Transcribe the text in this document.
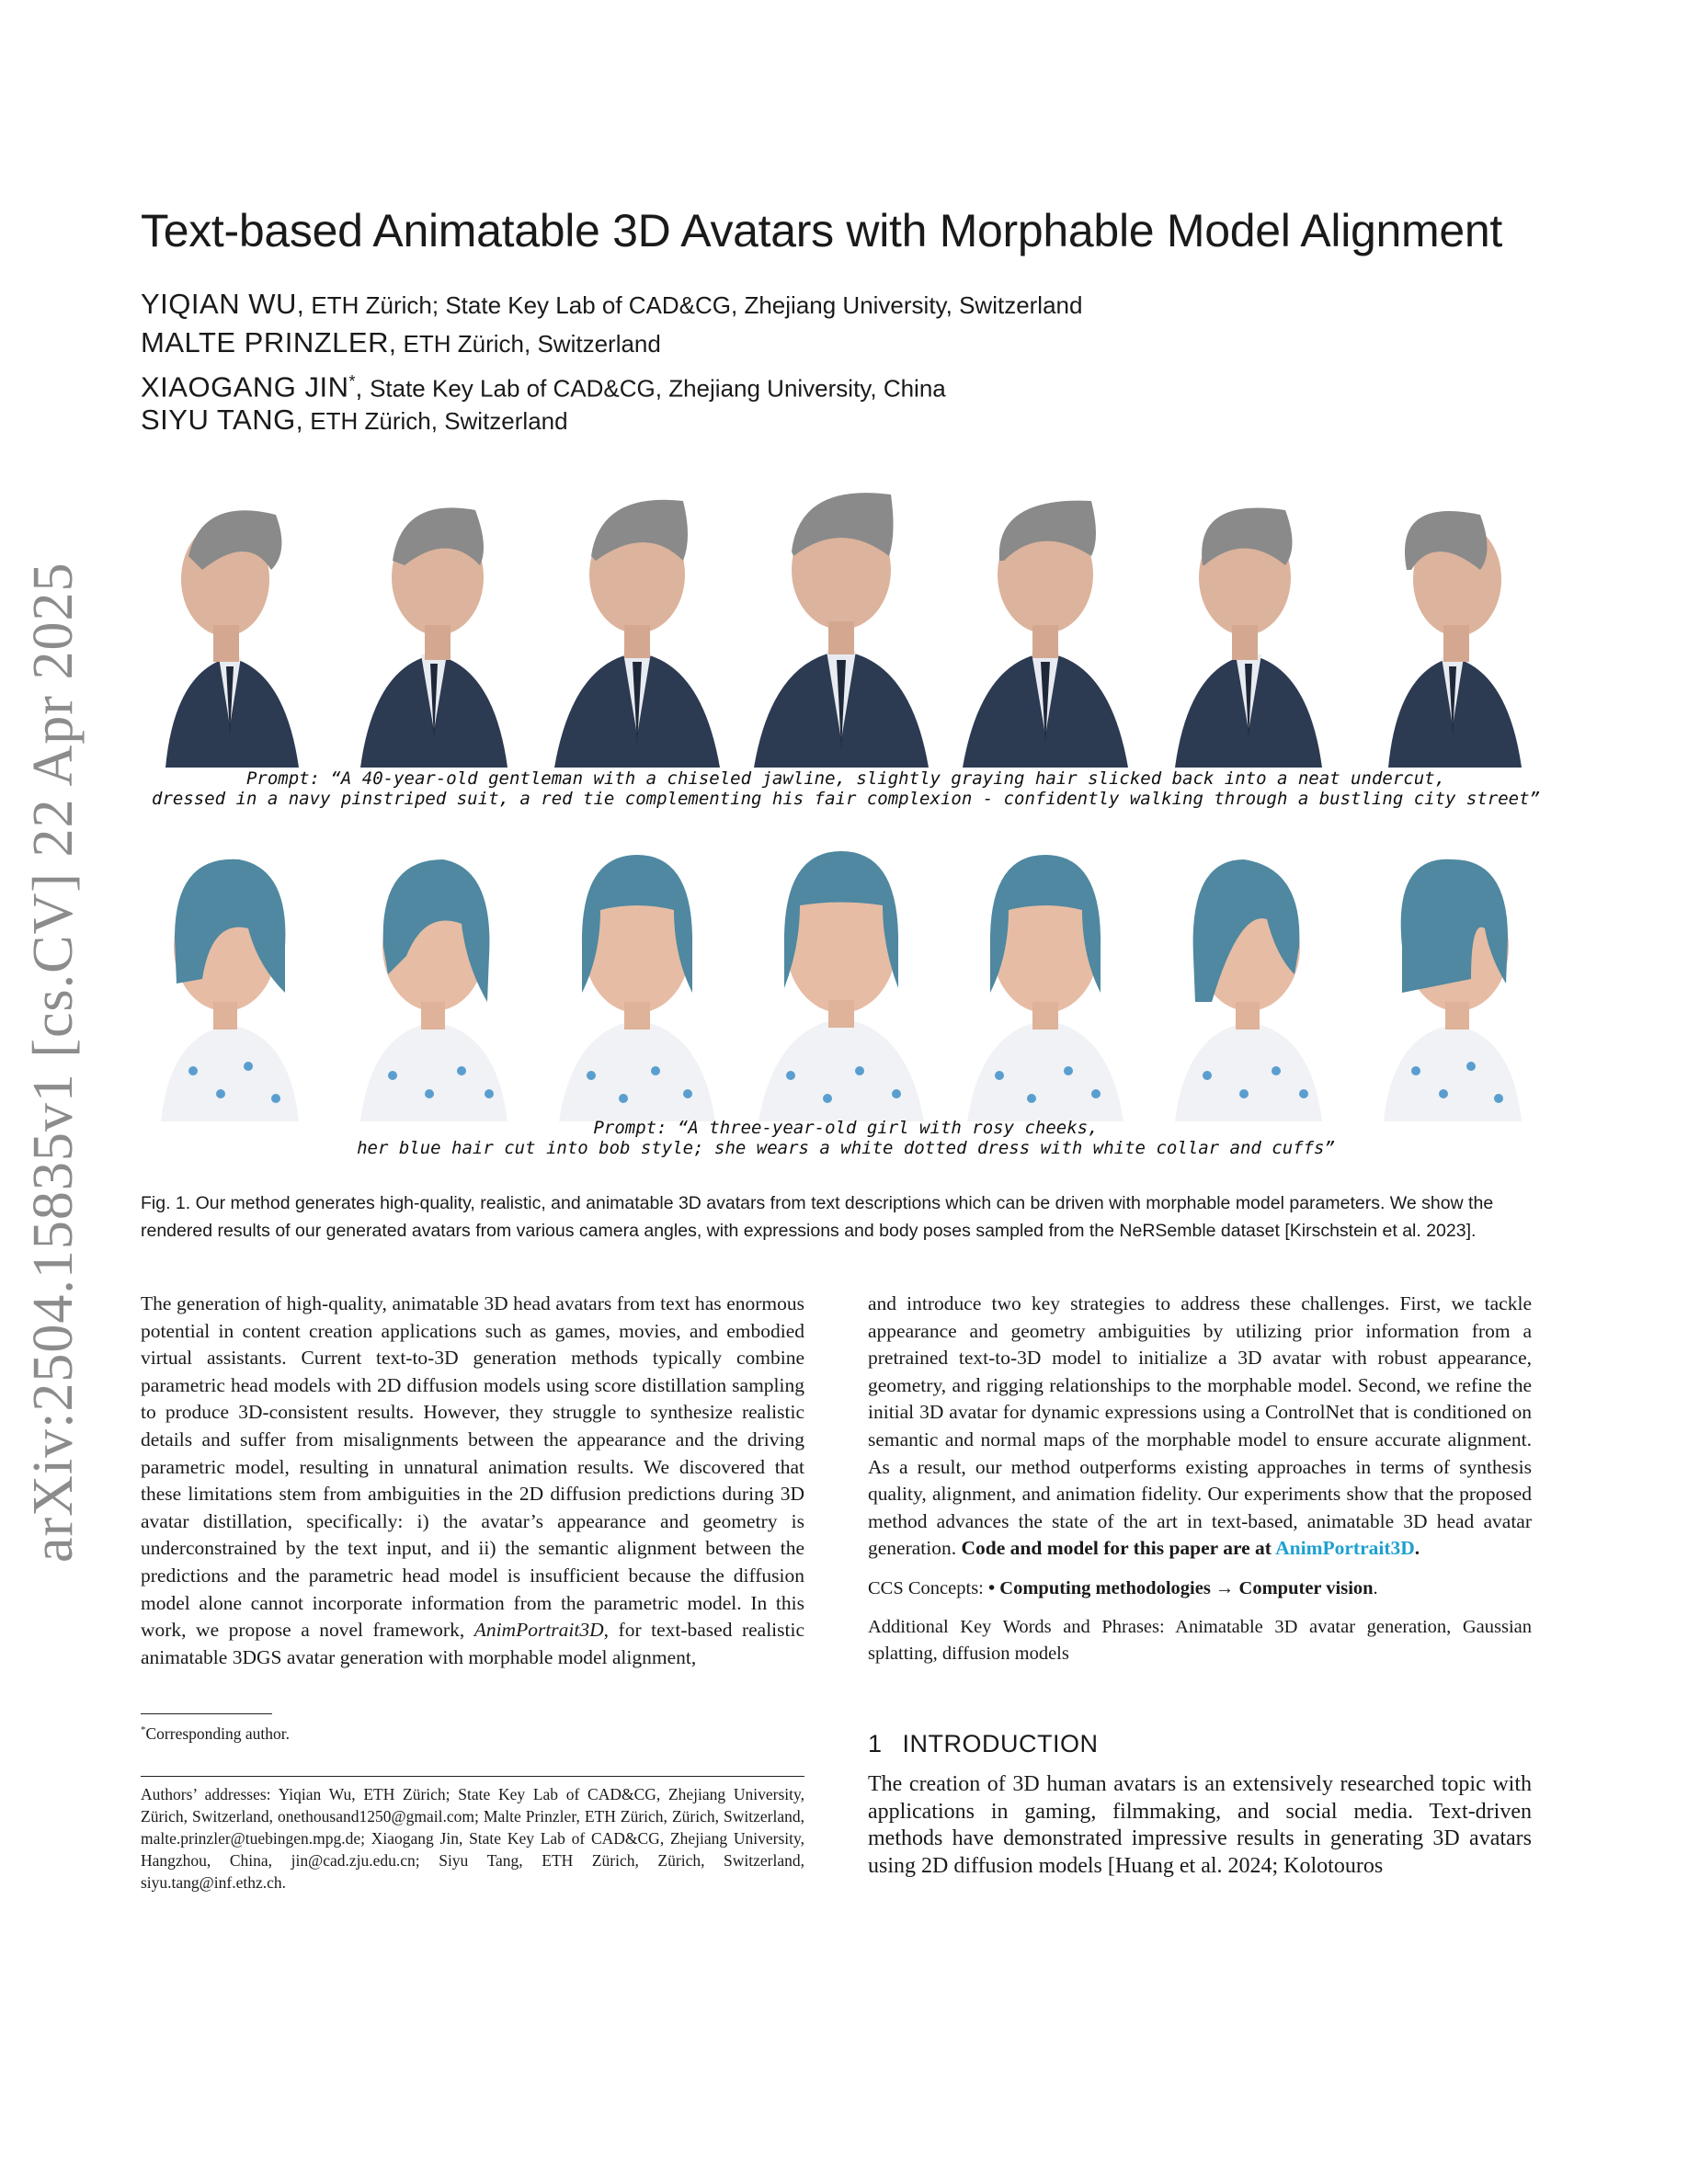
arXiv:2504.15835v1 [cs.CV] 22 Apr 2025
Text-based Animatable 3D Avatars with Morphable Model Alignment
YIQIAN WU, ETH Zürich; State Key Lab of CAD&CG, Zhejiang University, Switzerland
MALTE PRINZLER, ETH Zürich, Switzerland
XIAOGANG JIN*, State Key Lab of CAD&CG, Zhejiang University, China
SIYU TANG, ETH Zürich, Switzerland
Prompt: “A 40-year-old gentleman with a chiseled jawline, slightly graying hair slicked back into a neat undercut,
dressed in a navy pinstriped suit, a red tie complementing his fair complexion - confidently walking through a bustling city street”
Prompt: “A three-year-old girl with rosy cheeks,
her blue hair cut into bob style; she wears a white dotted dress with white collar and cuffs”
Fig. 1. Our method generates high-quality, realistic, and animatable 3D avatars from text descriptions which can be driven with morphable model parameters. We show the rendered results of our generated avatars from various camera angles, with expressions and body poses sampled from the NeRSemble dataset [Kirschstein et al. 2023].

The generation of high-quality, animatable 3D head avatars from text has enormous potential in content creation applications such as games, movies, and embodied virtual assistants. Current text-to-3D generation methods typically combine parametric head models with 2D diffusion models using score distillation sampling to produce 3D-consistent results. However, they struggle to synthesize realistic details and suffer from misalignments between the appearance and the driving parametric model, resulting in unnatural animation results. We discovered that these limitations stem from ambiguities in the 2D diffusion predictions during 3D avatar distillation, specifically: i) the avatar’s appearance and geometry is underconstrained by the text input, and ii) the semantic alignment between the predictions and the parametric head model is insufficient because the diffusion model alone cannot incorporate information from the parametric model. In this work, we propose a novel framework, AnimPortrait3D, for text-based realistic animatable 3DGS avatar generation with morphable model alignment,

and introduce two key strategies to address these challenges. First, we tackle appearance and geometry ambiguities by utilizing prior information from a pretrained text-to-3D model to initialize a 3D avatar with robust appearance, geometry, and rigging relationships to the morphable model. Second, we refine the initial 3D avatar for dynamic expressions using a ControlNet that is conditioned on semantic and normal maps of the morphable model to ensure accurate alignment. As a result, our method outperforms existing approaches in terms of synthesis quality, alignment, and animation fidelity. Our experiments show that the proposed method advances the state of the art in text-based, animatable 3D head avatar generation. Code and model for this paper are at AnimPortrait3D.

CCS Concepts: • Computing methodologies → Computer vision.

Additional Key Words and Phrases: Animatable 3D avatar generation, Gaussian splatting, diffusion models

1 INTRODUCTION
The creation of 3D human avatars is an extensively researched topic with applications in gaming, filmmaking, and social media. Text-driven methods have demonstrated impressive results in generating 3D avatars using 2D diffusion models [Huang et al. 2024; Kolotouros
*Corresponding author.
Authors’ addresses: Yiqian Wu, ETH Zürich; State Key Lab of CAD&CG, Zhejiang University, Zürich, Switzerland, onethousand1250@gmail.com; Malte Prinzler, ETH Zürich, Zürich, Switzerland, malte.prinzler@tuebingen.mpg.de; Xiaogang Jin, State Key Lab of CAD&CG, Zhejiang University, Hangzhou, China, jin@cad.zju.edu.cn; Siyu Tang, ETH Zürich, Zürich, Switzerland, siyu.tang@inf.ethz.ch.
